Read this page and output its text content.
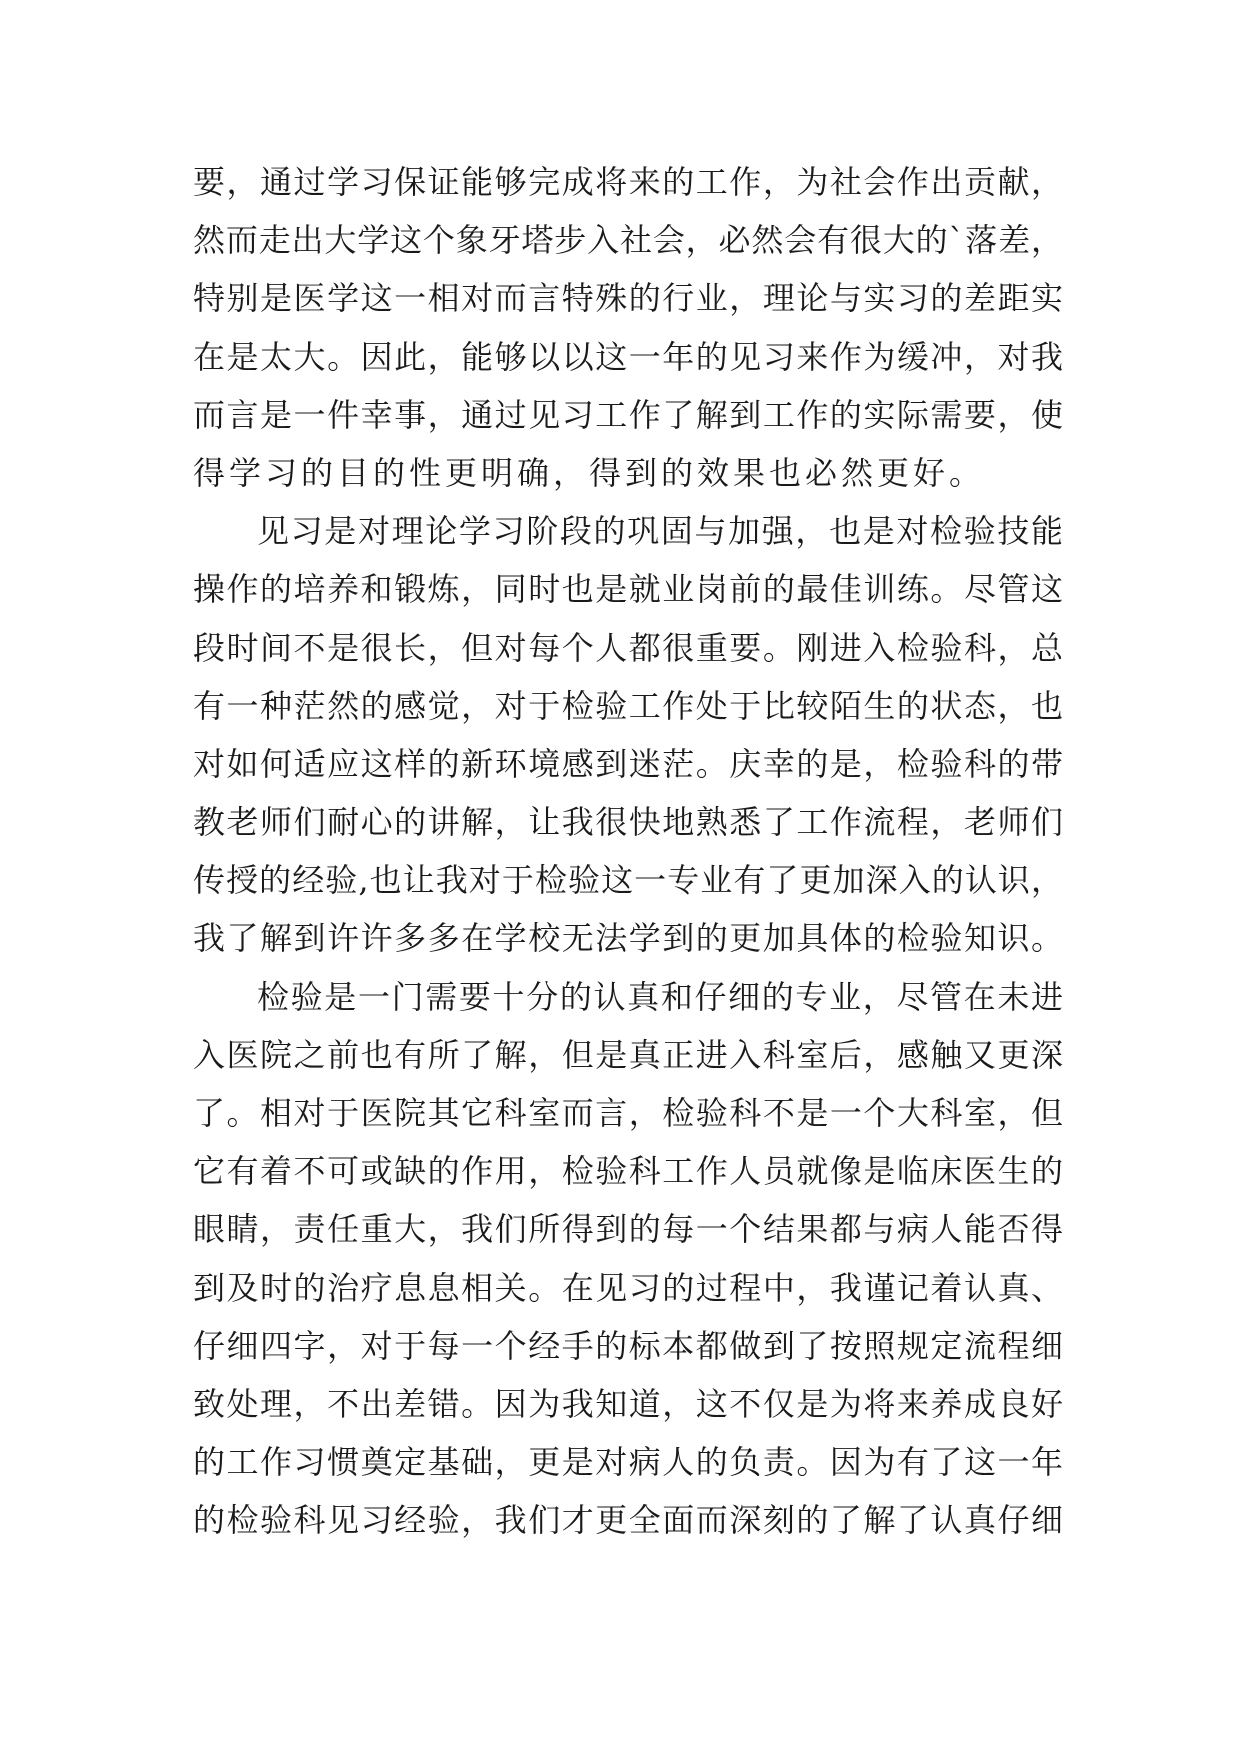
要，通过学习保证能够完成将来的工作，为社会作出贡献，
然而走出大学这个象牙塔步入社会，必然会有很大的`落差，
特别是医学这一相对而言特殊的行业，理论与实习的差距实
在是太大。因此，能够以以这一年的见习来作为缓冲，对我
而言是一件幸事，通过见习工作了解到工作的实际需要，使
得学习的目的性更明确，得到的效果也必然更好。
见习是对理论学习阶段的巩固与加强，也是对检验技能
操作的培养和锻炼，同时也是就业岗前的最佳训练。尽管这
段时间不是很长，但对每个人都很重要。刚进入检验科，总
有一种茫然的感觉，对于检验工作处于比较陌生的状态，也
对如何适应这样的新环境感到迷茫。庆幸的是，检验科的带
教老师们耐心的讲解，让我很快地熟悉了工作流程，老师们
传授的经验,也让我对于检验这一专业有了更加深入的认识，
我了解到许许多多在学校无法学到的更加具体的检验知识。
检验是一门需要十分的认真和仔细的专业，尽管在未进
入医院之前也有所了解，但是真正进入科室后，感触又更深
了。相对于医院其它科室而言，检验科不是一个大科室，但
它有着不可或缺的作用，检验科工作人员就像是临床医生的
眼睛，责任重大，我们所得到的每一个结果都与病人能否得
到及时的治疗息息相关。在见习的过程中，我谨记着认真、
仔细四字，对于每一个经手的标本都做到了按照规定流程细
致处理，不出差错。因为我知道，这不仅是为将来养成良好
的工作习惯奠定基础，更是对病人的负责。因为有了这一年
的检验科见习经验，我们才更全面而深刻的了解了认真仔细
